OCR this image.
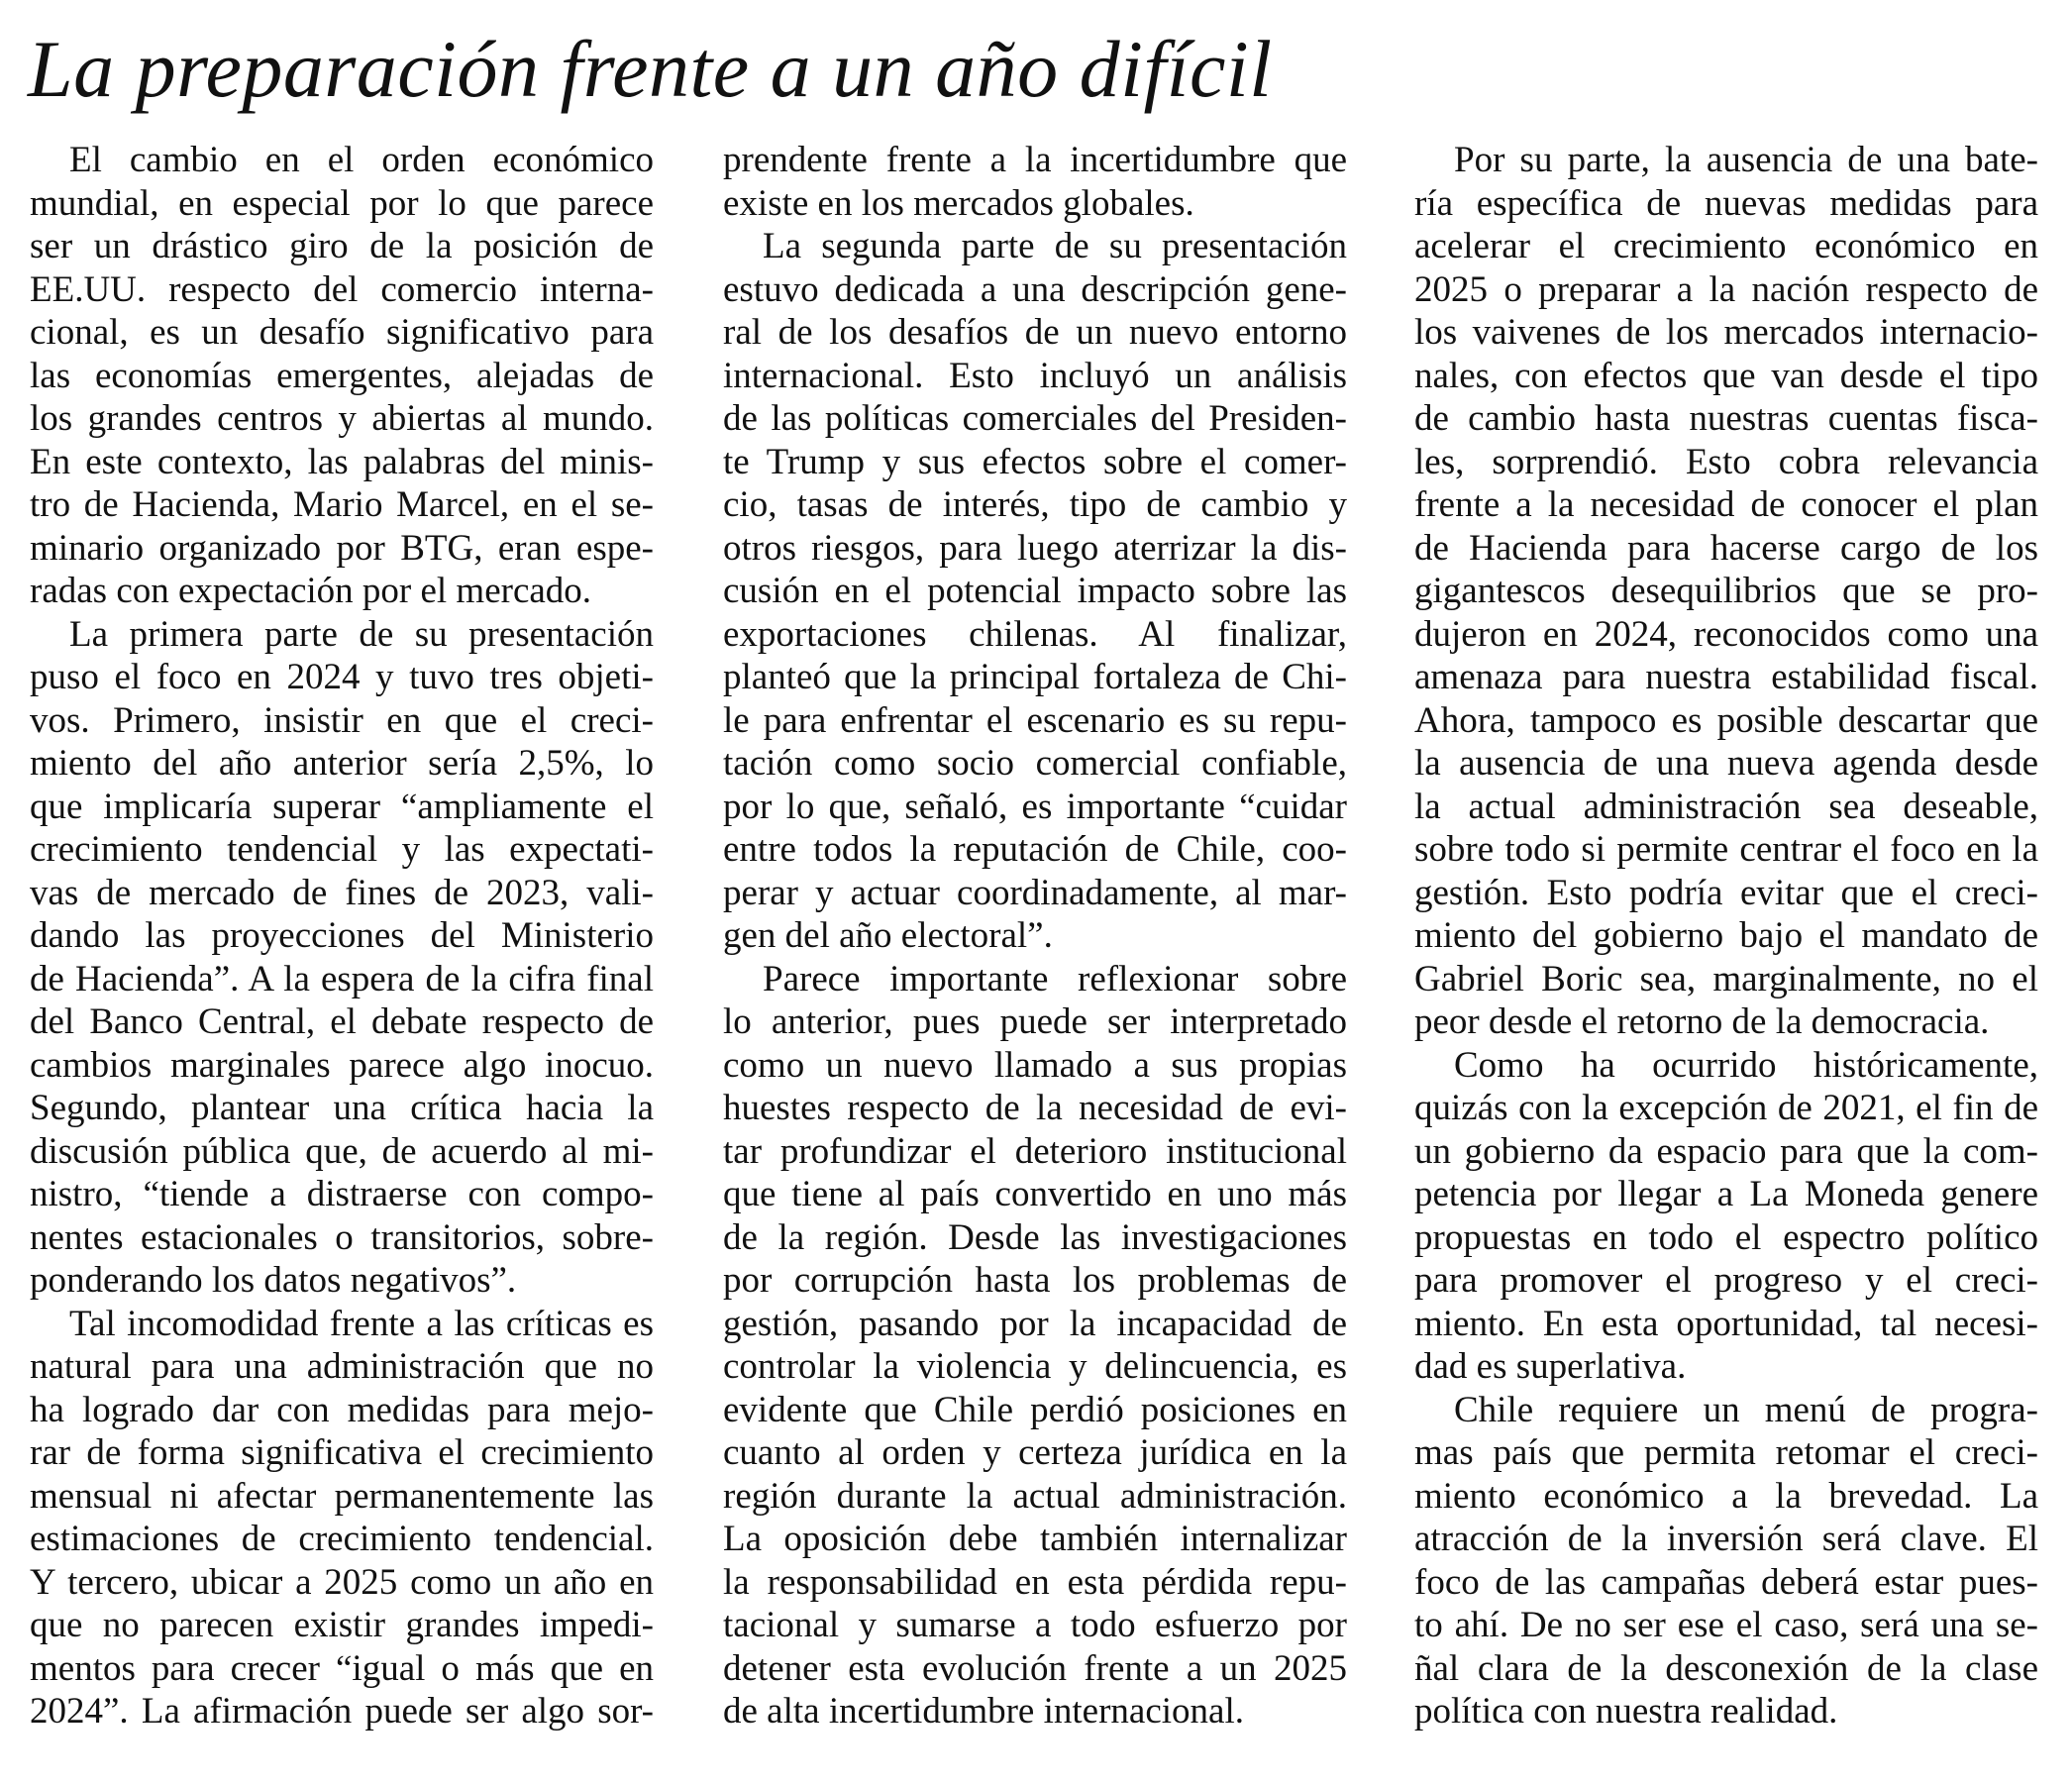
La preparación frente a un año difícil
El cambio en el orden económico
mundial, en especial por lo que parece
ser un drástico giro de la posición de
EE.UU. respecto del comercio interna-
cional, es un desafío significativo para
las economías emergentes, alejadas de
los grandes centros y abiertas al mundo.
En este contexto, las palabras del minis-
tro de Hacienda, Mario Marcel, en el se-
minario organizado por BTG, eran espe-
radas con expectación por el mercado.
La primera parte de su presentación
puso el foco en 2024 y tuvo tres objeti-
vos. Primero, insistir en que el creci-
miento del año anterior sería 2,5%, lo
que implicaría superar “ampliamente el
crecimiento tendencial y las expectati-
vas de mercado de fines de 2023, vali-
dando las proyecciones del Ministerio
de Hacienda”. A la espera de la cifra final
del Banco Central, el debate respecto de
cambios marginales parece algo inocuo.
Segundo, plantear una crítica hacia la
discusión pública que, de acuerdo al mi-
nistro, “tiende a distraerse con compo-
nentes estacionales o transitorios, sobre-
ponderando los datos negativos”.
Tal incomodidad frente a las críticas es
natural para una administración que no
ha logrado dar con medidas para mejo-
rar de forma significativa el crecimiento
mensual ni afectar permanentemente las
estimaciones de crecimiento tendencial.
Y tercero, ubicar a 2025 como un año en
que no parecen existir grandes impedi-
mentos para crecer “igual o más que en
2024”. La afirmación puede ser algo sor-
prendente frente a la incertidumbre que
existe en los mercados globales.
La segunda parte de su presentación
estuvo dedicada a una descripción gene-
ral de los desafíos de un nuevo entorno
internacional. Esto incluyó un análisis
de las políticas comerciales del Presiden-
te Trump y sus efectos sobre el comer-
cio, tasas de interés, tipo de cambio y
otros riesgos, para luego aterrizar la dis-
cusión en el potencial impacto sobre las
exportaciones chilenas. Al finalizar,
planteó que la principal fortaleza de Chi-
le para enfrentar el escenario es su repu-
tación como socio comercial confiable,
por lo que, señaló, es importante “cuidar
entre todos la reputación de Chile, coo-
perar y actuar coordinadamente, al mar-
gen del año electoral”.
Parece importante reflexionar sobre
lo anterior, pues puede ser interpretado
como un nuevo llamado a sus propias
huestes respecto de la necesidad de evi-
tar profundizar el deterioro institucional
que tiene al país convertido en uno más
de la región. Desde las investigaciones
por corrupción hasta los problemas de
gestión, pasando por la incapacidad de
controlar la violencia y delincuencia, es
evidente que Chile perdió posiciones en
cuanto al orden y certeza jurídica en la
región durante la actual administración.
La oposición debe también internalizar
la responsabilidad en esta pérdida repu-
tacional y sumarse a todo esfuerzo por
detener esta evolución frente a un 2025
de alta incertidumbre internacional.
Por su parte, la ausencia de una bate-
ría específica de nuevas medidas para
acelerar el crecimiento económico en
2025 o preparar a la nación respecto de
los vaivenes de los mercados internacio-
nales, con efectos que van desde el tipo
de cambio hasta nuestras cuentas fisca-
les, sorprendió. Esto cobra relevancia
frente a la necesidad de conocer el plan
de Hacienda para hacerse cargo de los
gigantescos desequilibrios que se pro-
dujeron en 2024, reconocidos como una
amenaza para nuestra estabilidad fiscal.
Ahora, tampoco es posible descartar que
la ausencia de una nueva agenda desde
la actual administración sea deseable,
sobre todo si permite centrar el foco en la
gestión. Esto podría evitar que el creci-
miento del gobierno bajo el mandato de
Gabriel Boric sea, marginalmente, no el
peor desde el retorno de la democracia.
Como ha ocurrido históricamente,
quizás con la excepción de 2021, el fin de
un gobierno da espacio para que la com-
petencia por llegar a La Moneda genere
propuestas en todo el espectro político
para promover el progreso y el creci-
miento. En esta oportunidad, tal necesi-
dad es superlativa.
Chile requiere un menú de progra-
mas país que permita retomar el creci-
miento económico a la brevedad. La
atracción de la inversión será clave. El
foco de las campañas deberá estar pues-
to ahí. De no ser ese el caso, será una se-
ñal clara de la desconexión de la clase
política con nuestra realidad.
